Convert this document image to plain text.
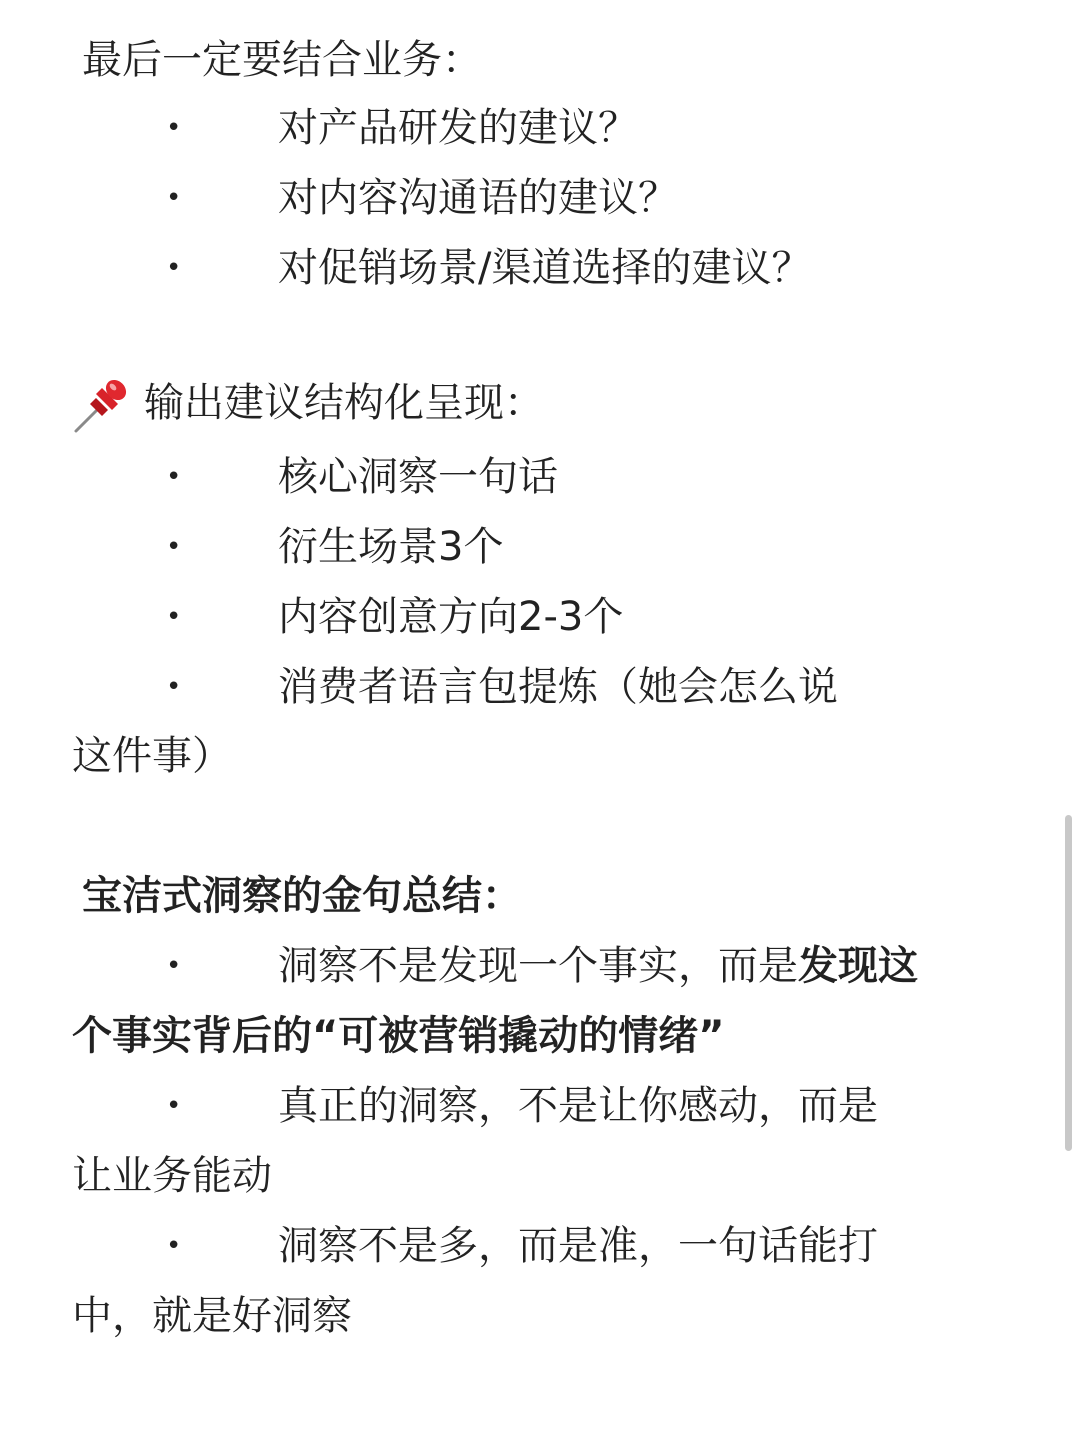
最后一定要结合业务：
• 对产品研发的建议？
• 对内容沟通语的建议？
• 对促销场景/渠道选择的建议？
输出建议结构化呈现：
• 核心洞察一句话
• 衍生场景3个
• 内容创意方向2-3个
• 消费者语言包提炼（她会怎么说
这件事）
宝洁式洞察的金句总结：
• 洞察不是发现一个事实，而是发现这
个事实背后的“可被营销撬动的情绪”
• 真正的洞察，不是让你感动，而是
让业务能动
• 洞察不是多，而是准，一句话能打
中，就是好洞察
